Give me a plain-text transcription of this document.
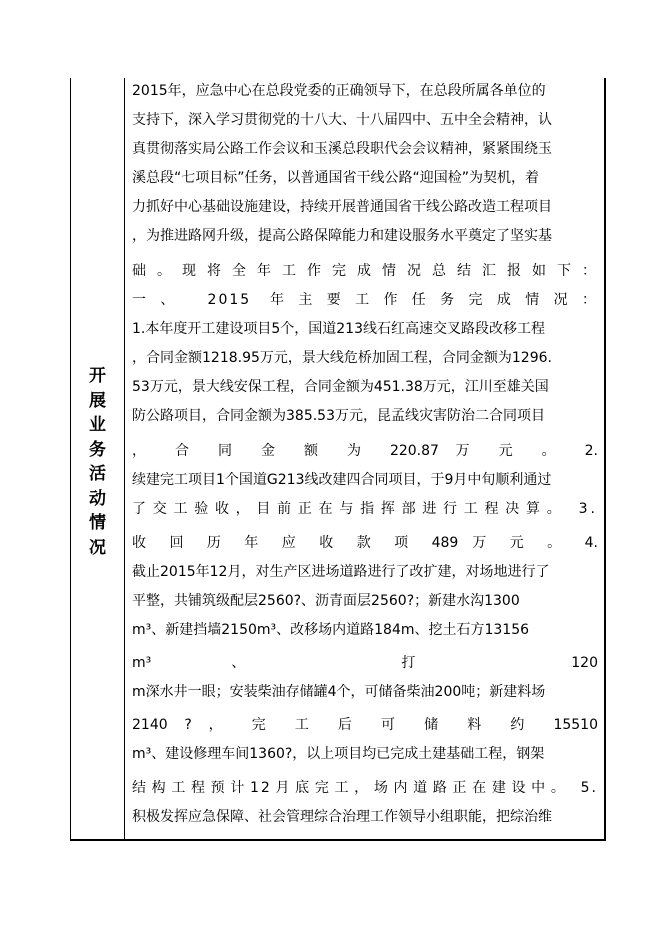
开
展
业
务
活
动
情
况
2015年，应急中心在总段党委的正确领导下，在总段所属各单位的
支持下，深入学习贯彻党的十八大、十八届四中、五中全会精神，认
真贯彻落实局公路工作会议和玉溪总段职代会会议精神，紧紧围绕玉
溪总段“七项目标”任务，以普通国省干线公路“迎国检”为契机，着
力抓好中心基础设施建设，持续开展普通国省干线公路改造工程项目
，为推进路网升级，提高公路保障能力和建设服务水平奠定了坚实基
础。现将全年工作完成情况总结汇报如下：
一、 2015 年主要工作任务完成情况：
1.本年度开工建设项目5个，国道213线石红高速交叉路段改移工程
，合同金额1218.95万元，景大线危桥加固工程，合同金额为1296.
53万元，景大线安保工程，合同金额为451.38万元，江川至雄关国
防公路项目，合同金额为385.53万元，昆孟线灾害防治二合同项目
， 合 同 金 额 为 220.87 万 元 。 2.
续建完工项目1个国道G213线改建四合同项目，于9月中旬顺利通过
了交工验收，目前正在与指挥部进行工程决算。 3.
收 回 历 年 应 收 款 项 489 万 元 。 4.
截止2015年12月，对生产区进场道路进行了改扩建，对场地进行了
平整，共铺筑级配层2560?、沥青面层2560?；新建水沟1300
m³、新建挡墙2150m³、改移场内道路184m、挖土石方13156
m³ 、 打 120
m深水井一眼；安装柴油存储罐4个，可储备柴油200吨；新建料场
2140 ? ， 完 工 后 可 储 料 约 15510
m³、建设修理车间1360?，以上项目均已完成土建基础工程，钢架
结构工程预计12月底完工，场内道路正在建设中。 5.
积极发挥应急保障、社会管理综合治理工作领导小组职能，把综治维
